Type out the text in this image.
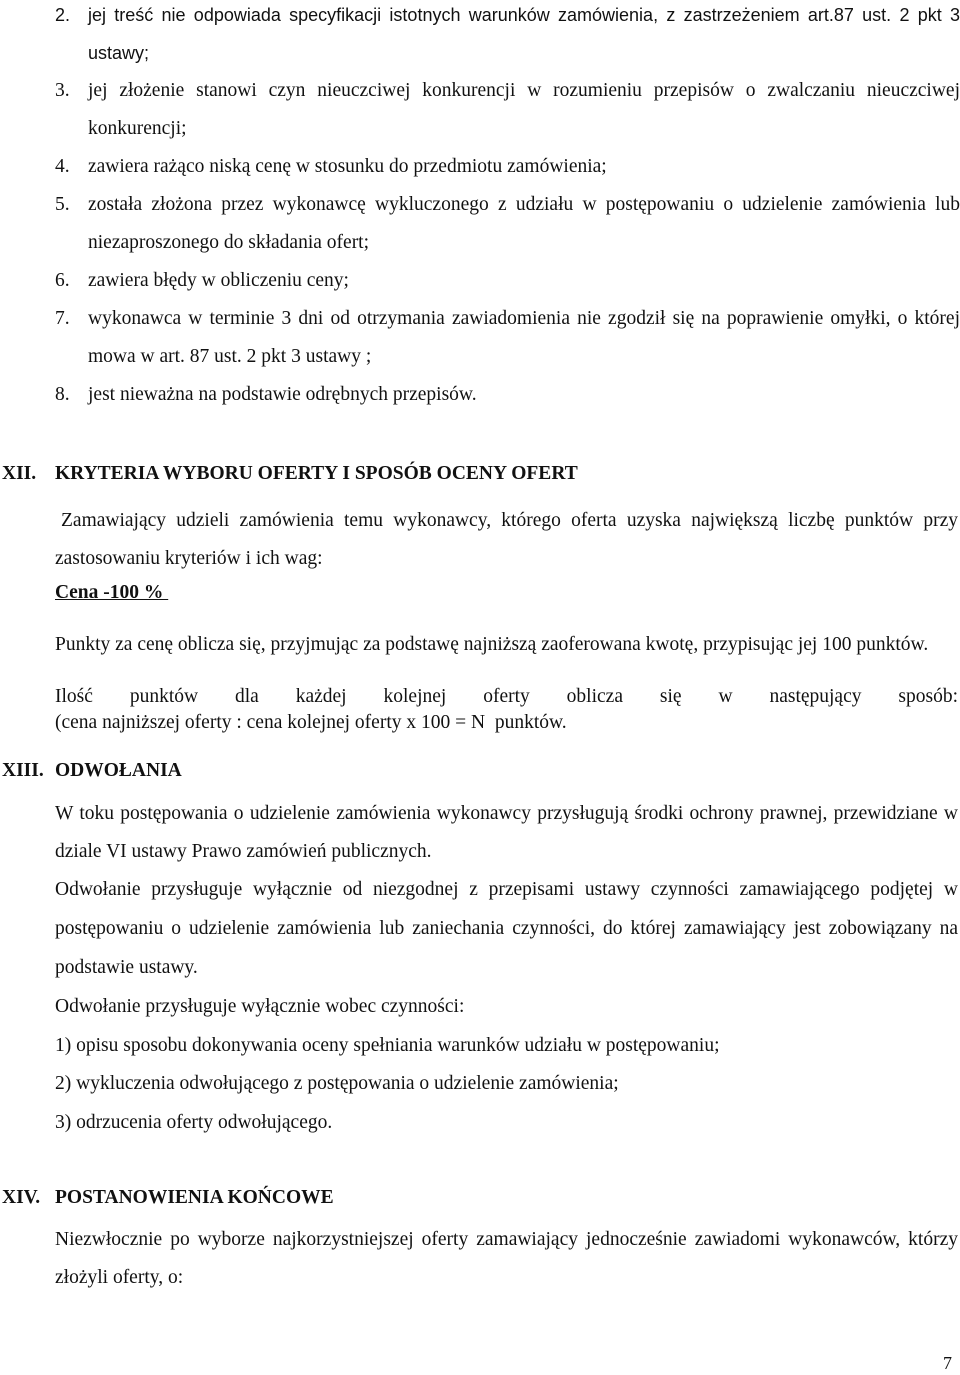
2. jej treść nie odpowiada specyfikacji istotnych warunków zamówienia, z zastrzeżeniem art.87 ust. 2 pkt 3 ustawy;
3. jej złożenie stanowi czyn nieuczciwej konkurencji w rozumieniu przepisów o zwalczaniu nieuczciwej konkurencji;
4. zawiera rażąco niską cenę w stosunku do przedmiotu zamówienia;
5. została złożona przez wykonawcę wykluczonego z udziału w postępowaniu o udzielenie zamówienia lub niezaproszonego do składania ofert;
6. zawiera błędy w obliczeniu ceny;
7. wykonawca w terminie 3 dni od otrzymania zawiadomienia nie zgodził się na poprawienie omyłki, o której mowa w art. 87 ust. 2 pkt 3 ustawy ;
8. jest nieważna na podstawie odrębnych przepisów.
XII. KRYTERIA WYBORU OFERTY I SPOSÓB OCENY OFERT
Zamawiający udzieli zamówienia temu wykonawcy, którego oferta uzyska największą liczbę punktów przy zastosowaniu kryteriów i ich wag:
Cena -100 %
Punkty za cenę oblicza się, przyjmując za podstawę najniższą zaoferowana kwotę, przypisując jej 100 punktów.
Ilość punktów dla każdej kolejnej oferty oblicza się w następujący sposób:
(cena najniższej oferty : cena kolejnej oferty x 100 = N  punktów.
XIII. ODWOŁANIA
W toku postępowania o udzielenie zamówienia wykonawcy przysługują środki ochrony prawnej, przewidziane w dziale VI ustawy Prawo zamówień publicznych.
Odwołanie przysługuje wyłącznie od niezgodnej z przepisami ustawy czynności zamawiającego podjętej w postępowaniu o udzielenie zamówienia lub zaniechania czynności, do której zamawiający jest zobowiązany na podstawie ustawy.
Odwołanie przysługuje wyłącznie wobec czynności:
1) opisu sposobu dokonywania oceny spełniania warunków udziału w postępowaniu;
2) wykluczenia odwołującego z postępowania o udzielenie zamówienia;
3) odrzucenia oferty odwołującego.
XIV. POSTANOWIENIA KOŃCOWE
Niezwłocznie po wyborze najkorzystniejszej oferty zamawiający jednocześnie zawiadomi wykonawców, którzy złożyli oferty, o:
7
